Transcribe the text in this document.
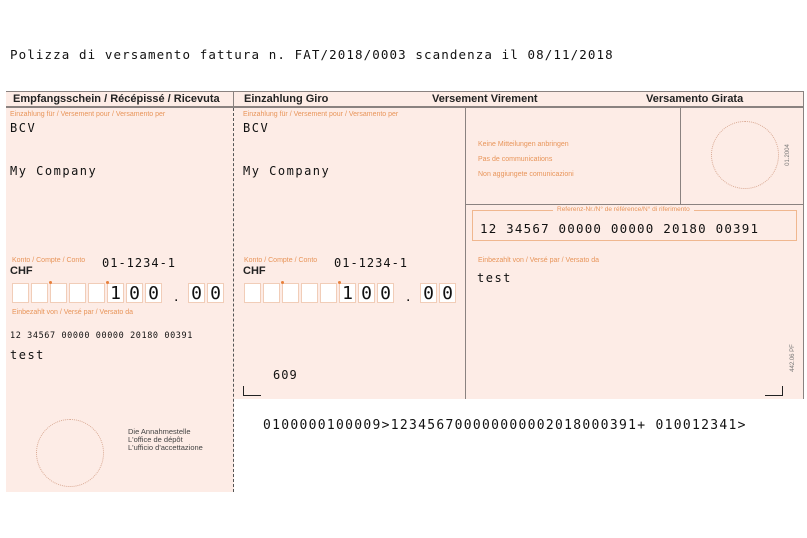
Polizza di versamento fattura n. FAT/2018/0003 scandenza il 08/11/2018
Empfangsschein / Récépissé / Ricevuta Einzahlung Giro	Versement Virement	Versamento Girata
Einzahlung für / Versement pour / Versamento per
BCV
My Company
Konto / Compte / Conto 01-1234-1
CHF
1 0 0 . 0 0
Einbezahlt von / Versé par / Versato da
12 34567 00000 00000 20180 00391
test
Die Annahmestelle
L'office de dépôt
L'ufficio d'accettazione
Einzahlung für / Versement pour / Versamento per
BCV
My Company
Konto / Compte / Conto 01-1234-1
CHF
1 0 0 . 0 0
609
Keine Mitteilungen anbringen
Pas de communications
Non aggiungete comunicazioni
01.2004
Referenz-Nr./N° de référence/N° di riferimento
12 34567 00000 00000 20180 00391
Einbezahlt von / Versé par / Versato da
test
442.06 PF
0100000100009>123456700000000002018000391+ 010012341>
